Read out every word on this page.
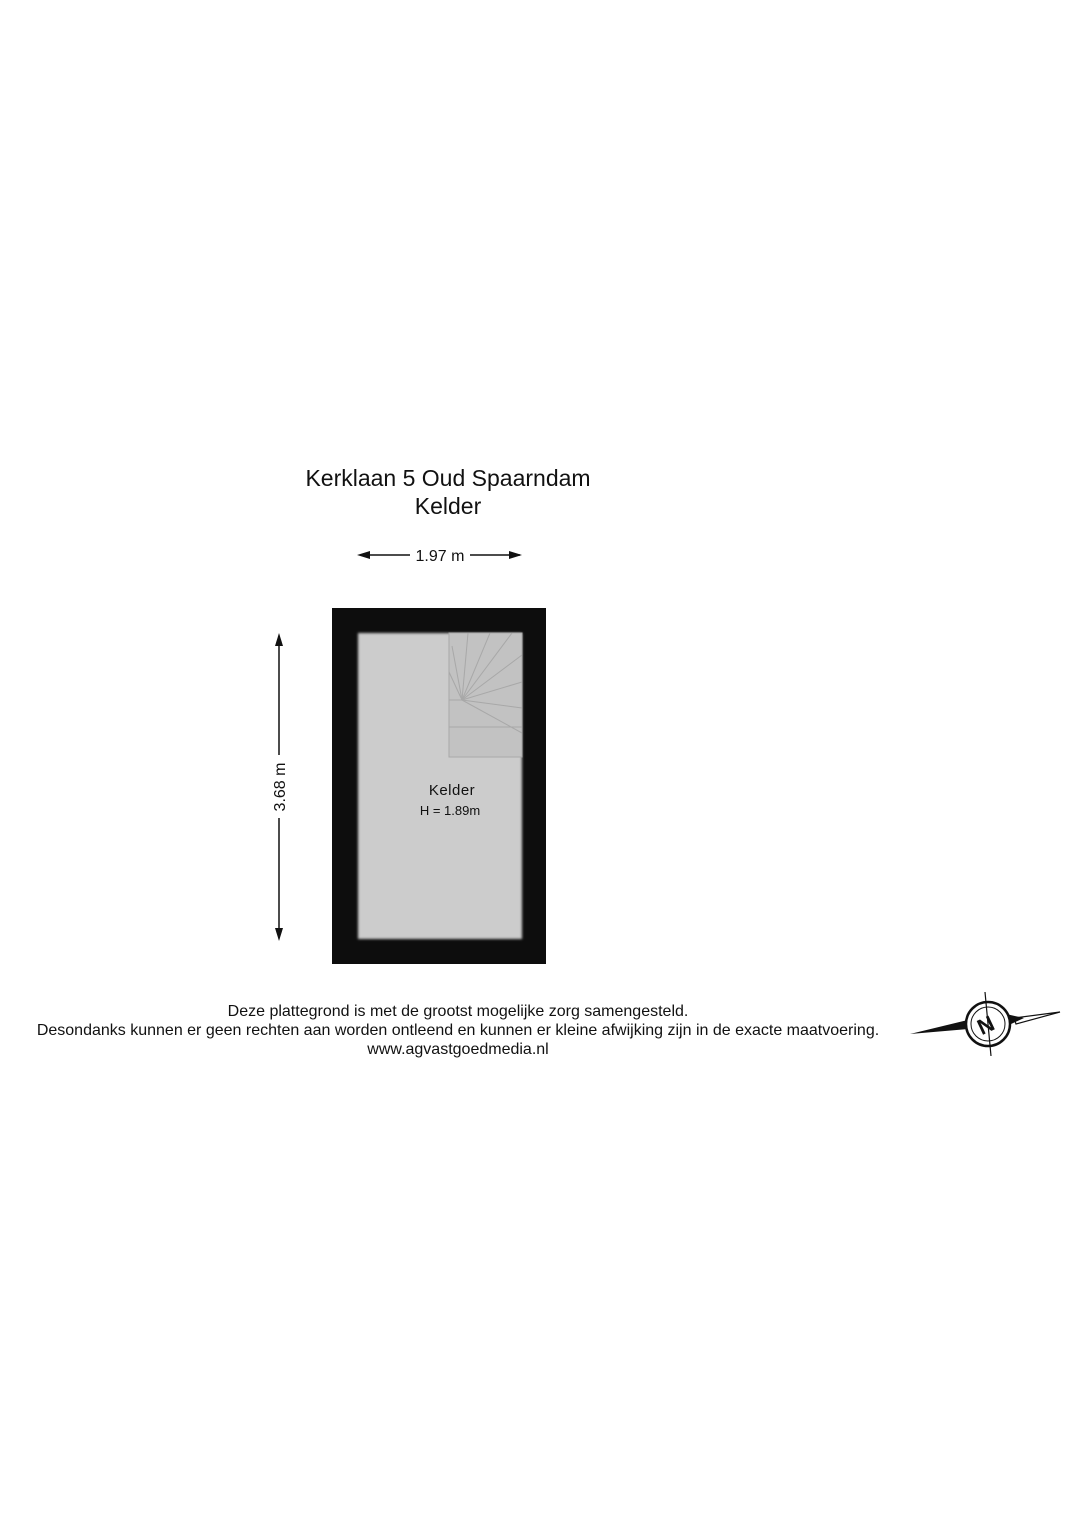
Kerklaan 5 Oud Spaarndam
Kelder
1.97 m
3.68 m	Kelder
H = 1.89m
Deze plattegrond is met de grootst mogelijke zorg samengesteld.
Desondanks kunnen er geen rechten aan worden ontleend en kunnen er kleine afwijking zijn in de exacte maatvoering.
www.agvastgoedmedia.nl
N
